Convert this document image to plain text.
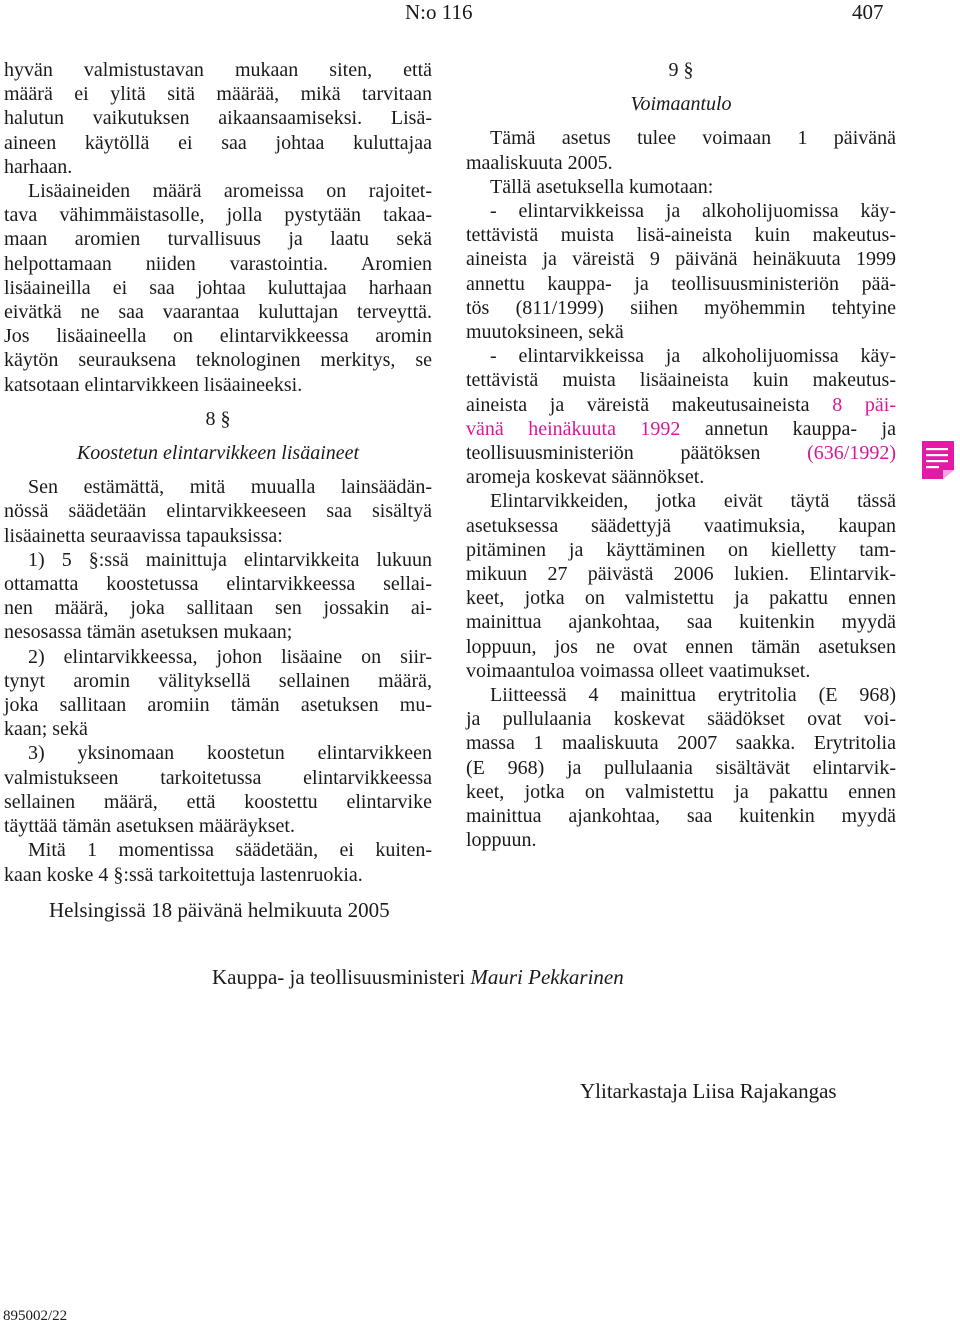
N:o 116	407

hyvän valmistustavan mukaan siten, että

määrä ei ylitä sitä määrää, mikä tarvitaan

halutun vaikutuksen aikaansaamiseksi. Lisä-

aineen käytöllä ei saa johtaa kuluttajaa

harhaan.

Lisäaineiden määrä aromeissa on rajoitet-

tava vähimmäistasolle, jolla pystytään takaa-

maan aromien turvallisuus ja laatu sekä

helpottamaan niiden varastointia. Aromien

lisäaineilla ei saa johtaa kuluttajaa harhaan

eivätkä ne saa vaarantaa kuluttajan terveyttä.

Jos lisäaineella on elintarvikkeessa aromin

käytön seurauksena teknologinen merkitys, se

katsotaan elintarvikkeen lisäaineeksi.

8 §

Koostetun elintarvikkeen lisäaineet

Sen estämättä, mitä muualla lainsäädän-

nössä säädetään elintarvikkeeseen saa sisältyä

lisäainetta seuraavissa tapauksissa:

1) 5 §:ssä mainittuja elintarvikkeita lukuun

ottamatta koostetussa elintarvikkeessa sellai-

nen määrä, joka sallitaan sen jossakin ai-

nesosassa tämän asetuksen mukaan;

2) elintarvikkeessa, johon lisäaine on siir-

tynyt aromin välityksellä sellainen määrä,

joka sallitaan aromiin tämän asetuksen mu-

kaan; sekä

3) yksinomaan koostetun elintarvikkeen

valmistukseen tarkoitetussa elintarvikkeessa

sellainen määrä, että koostettu elintarvike

täyttää tämän asetuksen määräykset.

Mitä 1 momentissa säädetään, ei kuiten-

kaan koske 4 §:ssä tarkoitettuja lastenruokia.

9 §

Voimaantulo

Tämä asetus tulee voimaan 1 päivänä

maaliskuuta 2005.

Tällä asetuksella kumotaan:

- elintarvikkeissa ja alkoholijuomissa käy-

tettävistä muista lisä-aineista kuin makeutus-

aineista ja väreistä 9 päivänä heinäkuuta 1999

annettu kauppa- ja teollisuusministeriön pää-

tös (811/1999) siihen myöhemmin tehtyine

muutoksineen, sekä

- elintarvikkeissa ja alkoholijuomissa käy-

tettävistä muista lisäaineista kuin makeutus-

aineista ja väreistä makeutusaineista 8 päi-

vänä heinäkuuta 1992 annetun kauppa- ja

teollisuusministeriön päätöksen (636/1992)

aromeja koskevat säännökset.

Elintarvikkeiden, jotka eivät täytä tässä

asetuksessa säädettyjä vaatimuksia, kaupan

pitäminen ja käyttäminen on kielletty tam-

mikuun 27 päivästä 2006 lukien. Elintarvik-

keet, jotka on valmistettu ja pakattu ennen

mainittua ajankohtaa, saa kuitenkin myydä

loppuun, jos ne ovat ennen tämän asetuksen

voimaantuloa voimassa olleet vaatimukset.

Liitteessä 4 mainittua erytritolia (E 968)

ja pullulaania koskevat säädökset ovat voi-

massa 1 maaliskuuta 2007 saakka. Erytritolia

(E 968) ja pullulaania sisältävät elintarvik-

keet, jotka on valmistettu ja pakattu ennen

mainittua ajankohtaa, saa kuitenkin myydä

loppuun.

Helsingissä 18 päivänä helmikuuta 2005
Kauppa- ja teollisuusministeri Mauri Pekkarinen
Ylitarkastaja Liisa Rajakangas
895002/22
